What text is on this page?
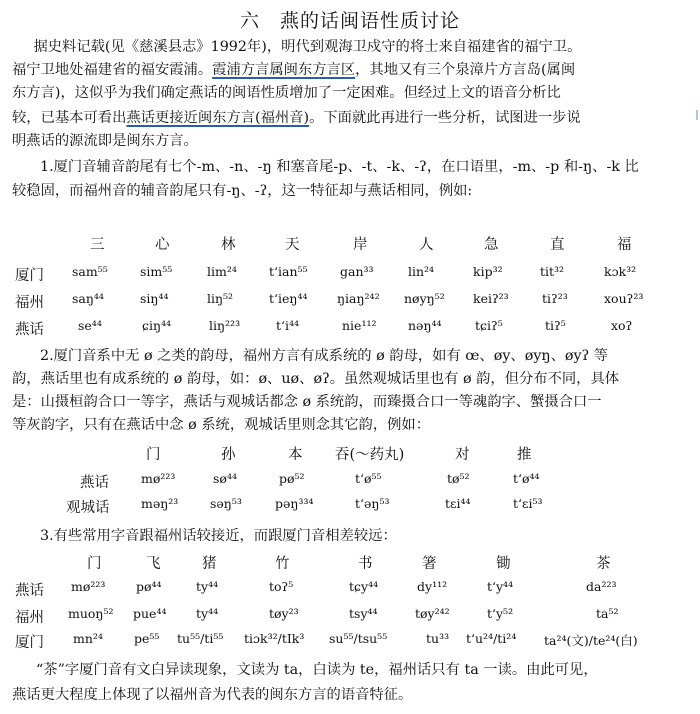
六　燕的话闽语性质讨论
  据史料记载(见《慈溪县志》1992年)，明代到观海卫戍守的将士来自福建省的福宁卫。
福宁卫地处福建省的福安霞浦。霞浦方言属闽东方言区，其地又有三个泉漳片方言岛(属闽
东方言)，这似乎为我们确定燕话的闽语性质增加了一定困难。但经过上文的语音分析比
较，已基本可看出燕话更接近闽东方言(福州音)。下面就此再进行一些分析，试图进一步说
明燕话的源流即是闽东方言。
1.厦门音辅音韵尾有七个-m、-n、-ŋ 和塞音尾-p、-t、-k、-ʔ，在口语里，-m、-p 和-ŋ、-k 比
较稳固，而福州音的辅音韵尾只有-ŋ、-ʔ，这一特征却与燕话相同，例如:
三	心	林	天	岸	人	急	直	福
厦门 sam⁵⁵	sim⁵⁵	lim²⁴	tʻian⁵⁵	gan³³	lin²⁴	kip³²	tit³²	kɔk³²
福州 saŋ⁴⁴	siŋ⁴⁴	liŋ⁵²	tʻieŋ⁴⁴ ŋiaŋ²⁴² nøyŋ⁵² keiʔ²³	tiʔ²³	xouʔ²³
燕话	se⁴⁴	ɕiŋ⁴⁴	liŋ²²³	tʻi⁴⁴	nie¹¹²	nəŋ⁴⁴	tɕiʔ⁵	tiʔ⁵	xoʔ
2.厦门音系中无 ø 之类的韵母，福州方言有成系统的 ø 韵母，如有 œ、øy、øyŋ、øyʔ 等
韵，燕话里也有成系统的 ø 韵母，如：ø、uø、øʔ。虽然观城话里也有 ø 韵，但分布不同，具体
是：山摄桓韵合口一等字，燕话与观城话都念 ø 系统韵，而臻摄合口一等魂韵字、蟹摄合口一
等灰韵字，只有在燕话中念 ø 系统，观城话里则念其它韵，例如：
门	孙	本 吞(～药丸)	对	推
燕话	mø²²³	sø⁴⁴	pø⁵²	tʻø⁵⁵	tø⁵²	tʻø⁴⁴
观城话	məŋ²³	səŋ⁵³	pəŋ³³⁴	tʻəŋ⁵³	tɛi⁴⁴	tʻɛi⁵³
3.有些常用字音跟福州话较接近，而跟厦门音相差较远：
门	飞	猪	竹	书	箸	锄	茶
燕话 mø²²³ pø⁴⁴	ty⁴⁴	toʔ⁵	tɕy⁴⁴	dy¹¹²	tʻy⁴⁴	da²²³
福州 muoŋ⁵² pue⁴⁴ ty⁴⁴	tøy²³	tsy⁴⁴	tøy²⁴²	tʻy⁵²	ta⁵²
厦门 mn²⁴ pe⁵⁵ tu⁵⁵/ti⁵⁵ tiɔk³²/tIk³ su⁵⁵/tsu⁵⁵	tu³³ tʻu²⁴/ti²⁴ ta²⁴(文)/te²⁴(白)
“茶”字厦门音有文白异读现象，文读为 ta，白读为 te，福州话只有 ta 一读。由此可见，
燕话更大程度上体现了以福州音为代表的闽东方言的语音特征。
